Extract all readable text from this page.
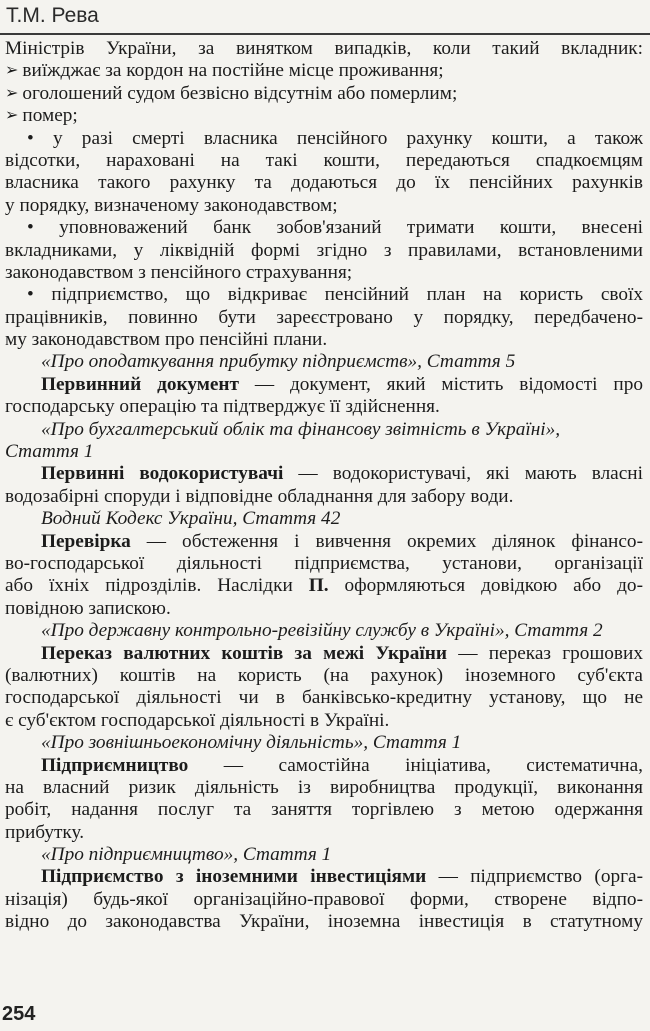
Т.М. Рева
Міністрів України, за винятком випадків, коли такий вкладник:
➢ виїжджає за кордон на постійне місце проживання;
➢ оголошений судом безвісно відсутнім або померлим;
➢ помер;
• у разі смерті власника пенсійного рахунку кошти, а також
відсотки, нараховані на такі кошти, передаються спадкоємцям
власника такого рахунку та додаються до їх пенсійних рахунків
у порядку, визначеному законодавством;
• уповноважений банк зобов'язаний тримати кошти, внесені
вкладниками, у ліквідній формі згідно з правилами, встановленими
законодавством з пенсійного страхування;
• підприємство, що відкриває пенсійний план на користь своїх
працівників, повинно бути зареєстровано у порядку, передбачено-
му законодавством про пенсійні плани.
«Про оподаткування прибутку підприємств», Стаття 5
Первинний документ — документ, який містить відомості про
господарську операцію та підтверджує її здійснення.
«Про бухгалтерський облік та фінансову звітність в Україні»,
Стаття 1
Первинні водокористувачі — водокористувачі, які мають власні
водозабірні споруди і відповідне обладнання для забору води.
Водний Кодекс України, Стаття 42
Перевірка — обстеження і вивчення окремих ділянок фінансо-
во-господарської діяльності підприємства, установи, організації
або їхніх підрозділів. Наслідки П. оформляються довідкою або до-
повідною запискою.
«Про державну контрольно-ревізійну службу в Україні», Стаття 2
Переказ валютних коштів за межі України — переказ грошових
(валютних) коштів на користь (на рахунок) іноземного суб'єкта
господарської діяльності чи в банківсько-кредитну установу, що не
є суб'єктом господарської діяльності в Україні.
«Про зовнішньоекономічну діяльність», Стаття 1
Підприємництво — самостійна ініціатива, систематична,
на власний ризик діяльність із виробництва продукції, виконання
робіт, надання послуг та заняття торгівлею з метою одержання
прибутку.
«Про підприємництво», Стаття 1
Підприємство з іноземними інвестиціями — підприємство (орга-
нізація) будь-якої організаційно-правової форми, створене відпо-
відно до законодавства України, іноземна інвестиція в статутному
254
